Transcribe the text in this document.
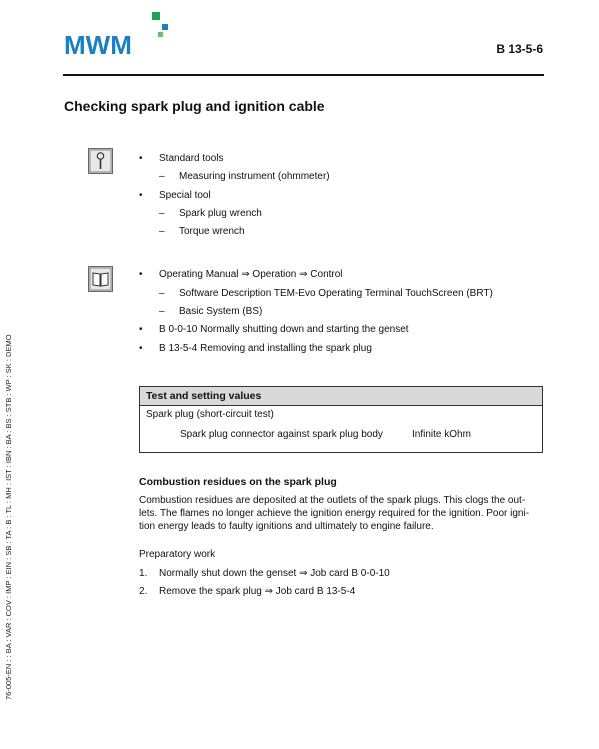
MWM	B 13-5-6
Checking spark plug and ignition cable
• Standard tools
– Measuring instrument (ohmmeter)
• Special tool
– Spark plug wrench
– Torque wrench
• Operating Manual ⇒ Operation ⇒ Control
– Software Description TEM-Evo Operating Terminal TouchScreen (BRT)
– Basic System (BS)
• B 0-0-10 Normally shutting down and starting the genset
• B 13-5-4 Removing and installing the spark plug
Test and setting values

Spark plug (short-circuit test)
Spark plug connector against spark plug body	Infinite kOhm
Combustion residues on the spark plug
Combustion residues are deposited at the outlets of the spark plugs. This clogs the out-
lets. The flames no longer achieve the ignition energy required for the ignition. Poor igni-
tion energy leads to faulty ignitions and ultimately to engine failure.
Preparatory work
1. Normally shut down the genset ⇒ Job card B 0-0-10
2. Remove the spark plug ⇒ Job card B 13-5-4
76-005-EN : : BA : VAR : COV : IMP : EIN : SB : TA : B : TL : MH : IST : IBN : BA : BS : STB : WP : SK : DEMO
